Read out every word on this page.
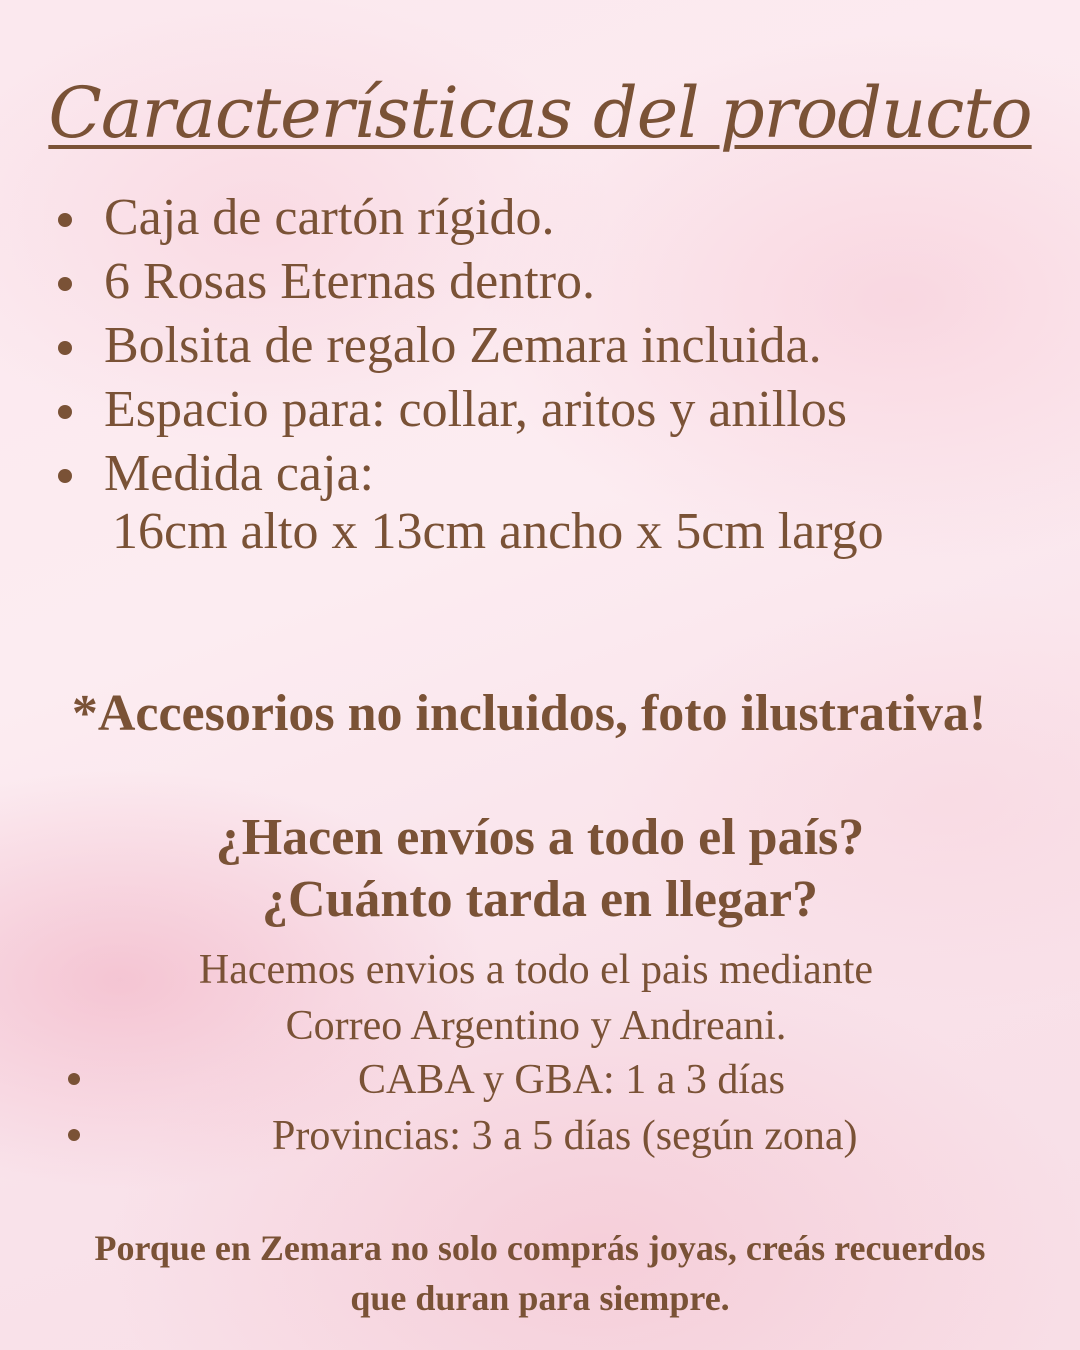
Características del producto
Caja de cartón rígido.
6 Rosas Eternas dentro.
Bolsita de regalo Zemara incluida.
Espacio para: collar, aritos y anillos
Medida caja:
16cm alto x 13cm ancho x 5cm largo
*Accesorios no incluidos, foto ilustrativa!
¿Hacen envíos a todo el país?
¿Cuánto tarda en llegar?
Hacemos envios a todo el pais mediante
Correo Argentino y Andreani.
CABA y GBA: 1 a 3 días
Provincias: 3 a 5 días (según zona)
Porque en Zemara no solo comprás joyas, creás recuerdos
que duran para siempre.
